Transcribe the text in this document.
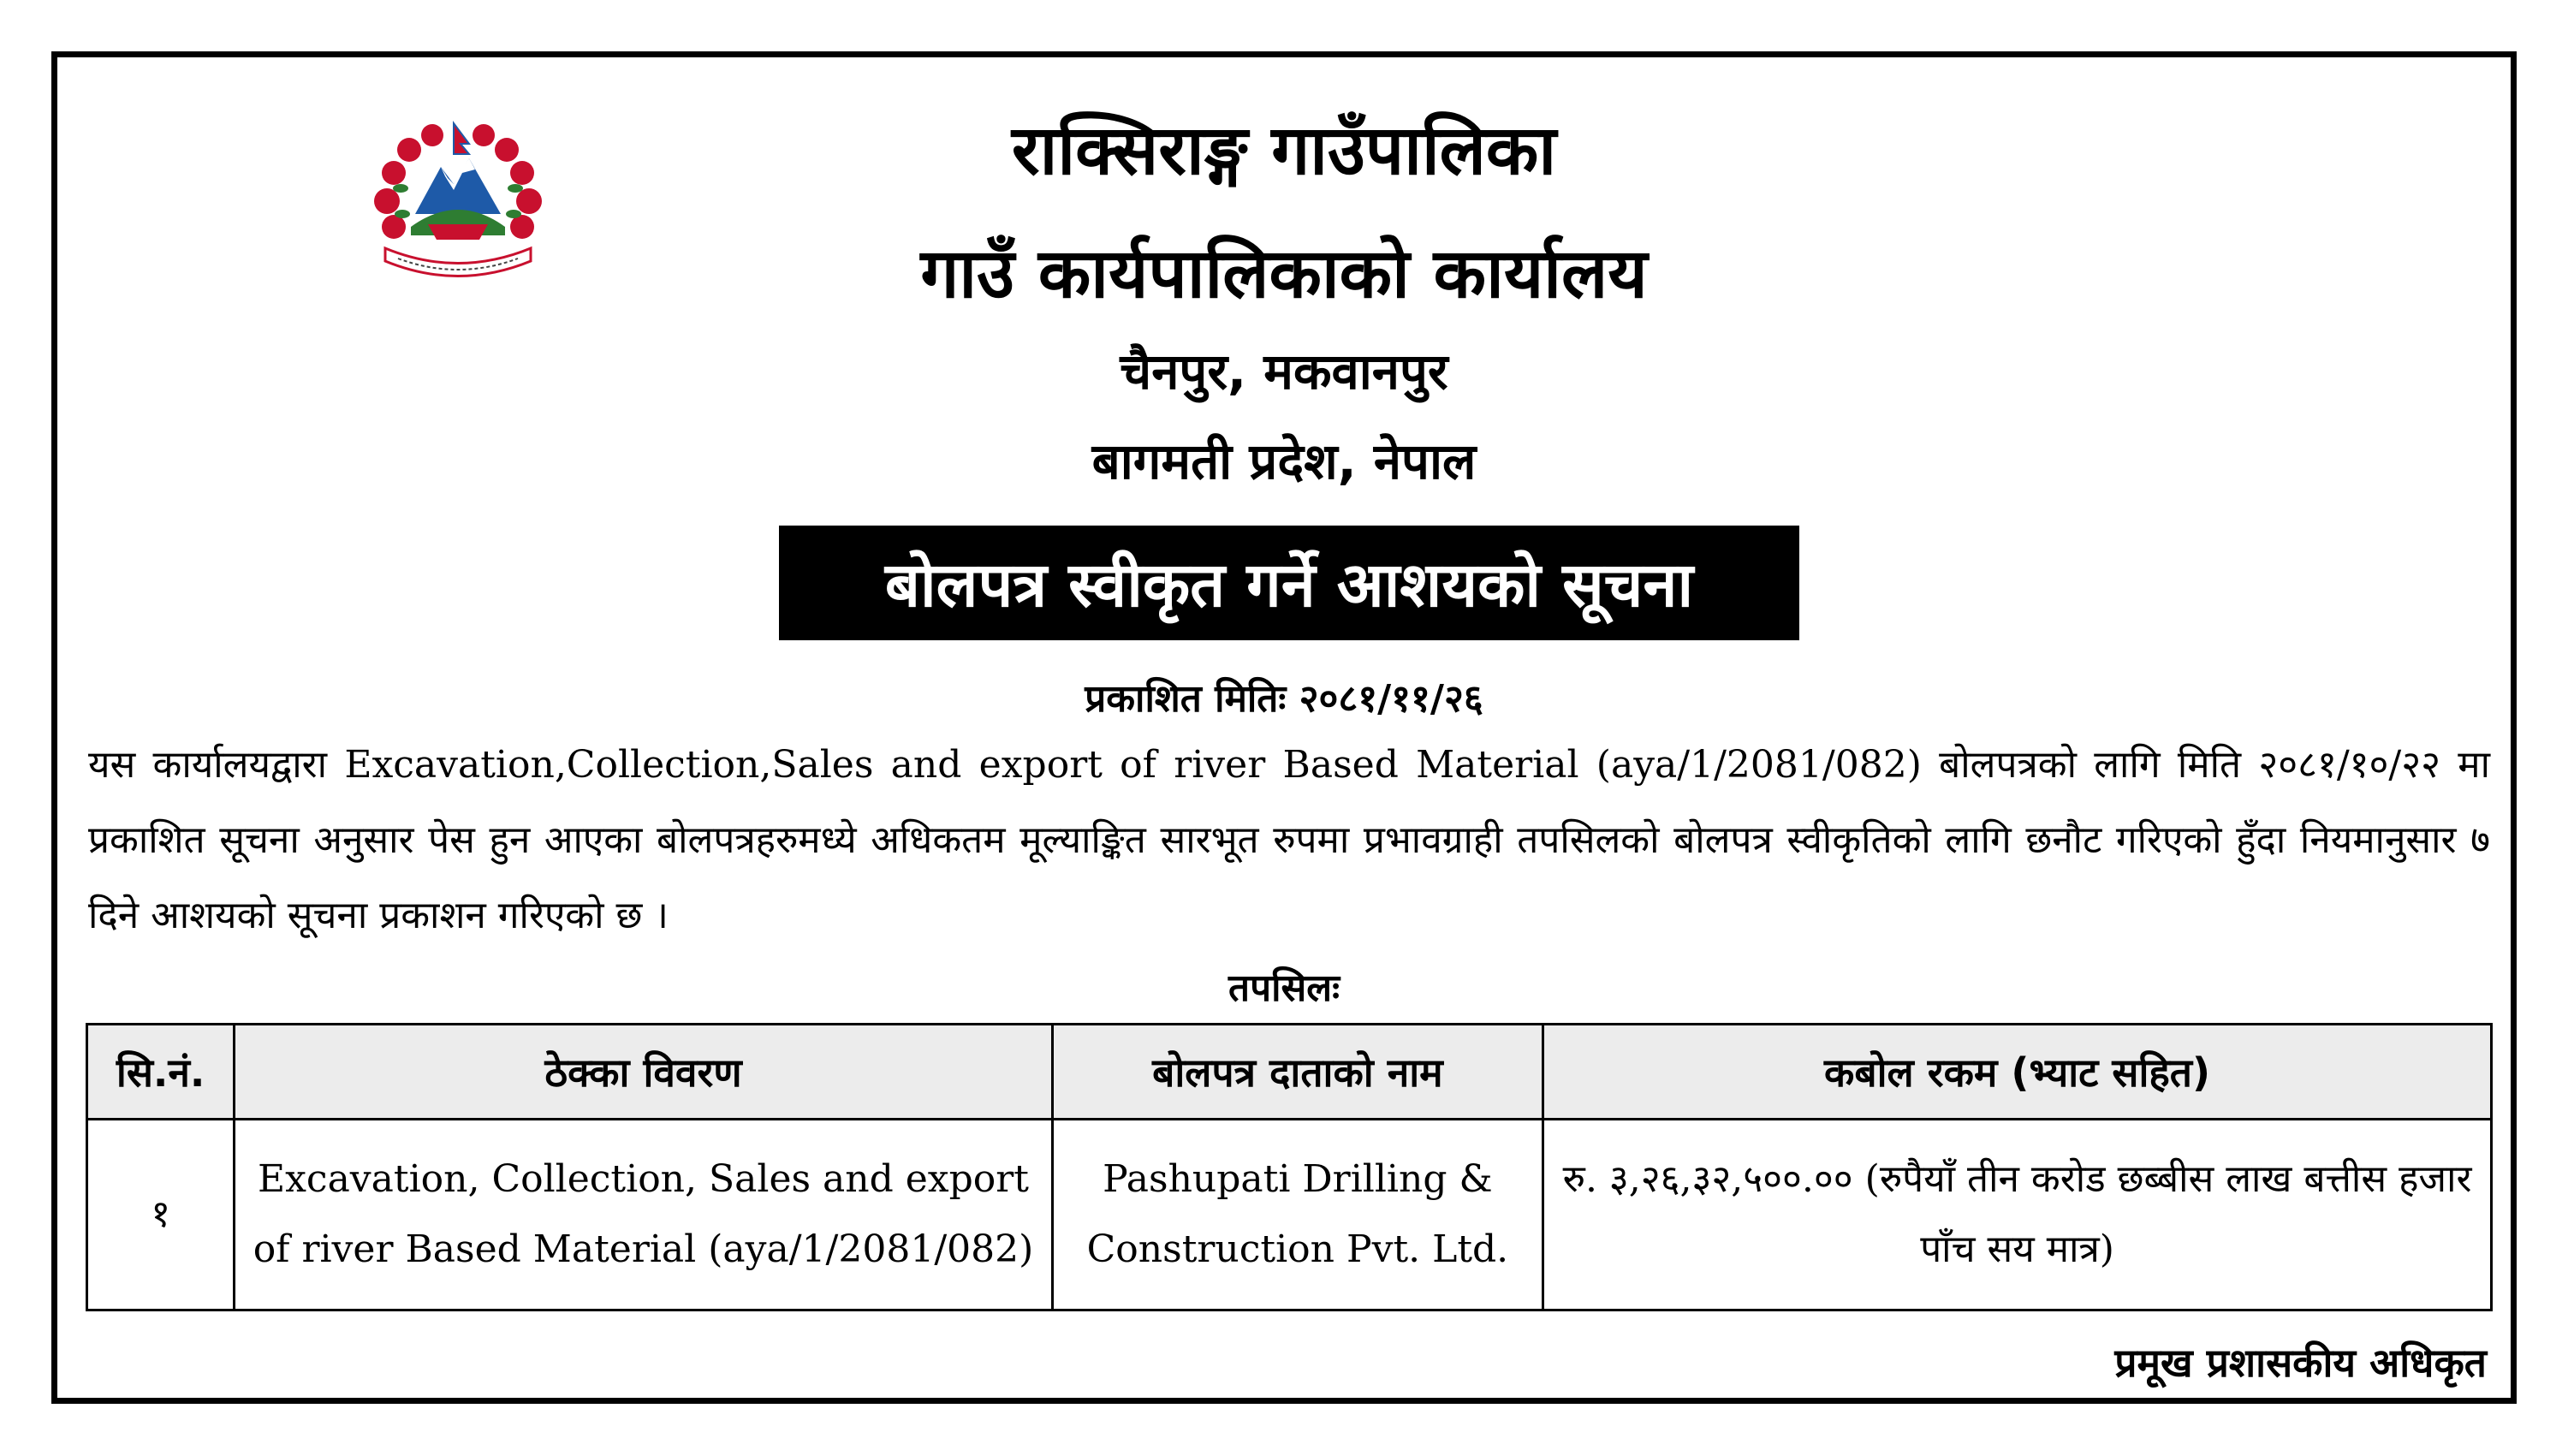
राक्सिराङ्ग गाउँपालिका
गाउँ कार्यपालिकाको कार्यालय
चैनपुर, मकवानपुर
बागमती प्रदेश, नेपाल
बोलपत्र स्वीकृत गर्ने आशयको सूचना
प्रकाशित मितिः २०८१/११/२६
यस कार्यालयद्वारा Excavation,Collection,Sales and export of river Based Material (aya/1/2081/082) बोलपत्रको लागि मिति २०८१/१०/२२ मा प्रकाशित सूचना अनुसार पेस हुन आएका बोलपत्रहरुमध्ये अधिकतम मूल्याङ्कित सारभूत रुपमा प्रभावग्राही तपसिलको बोलपत्र स्वीकृतिको लागि छनौट गरिएको हुँदा नियमानुसार ७ दिने आशयको सूचना प्रकाशन गरिएको छ ।
तपसिलः
सि.नं.	ठेक्का विवरण	बोलपत्र दाताको नाम	कबोल रकम (भ्याट सहित)
१	Excavation, Collection, Sales and export of river Based Material (aya/1/2081/082)	Pashupati Drilling & Construction Pvt. Ltd.	रु. ३,२६,३२,५००.०० (रुपैयाँ तीन करोड छब्बीस लाख बत्तीस हजार पाँच सय मात्र)
प्रमूख प्रशासकीय अधिकृत
